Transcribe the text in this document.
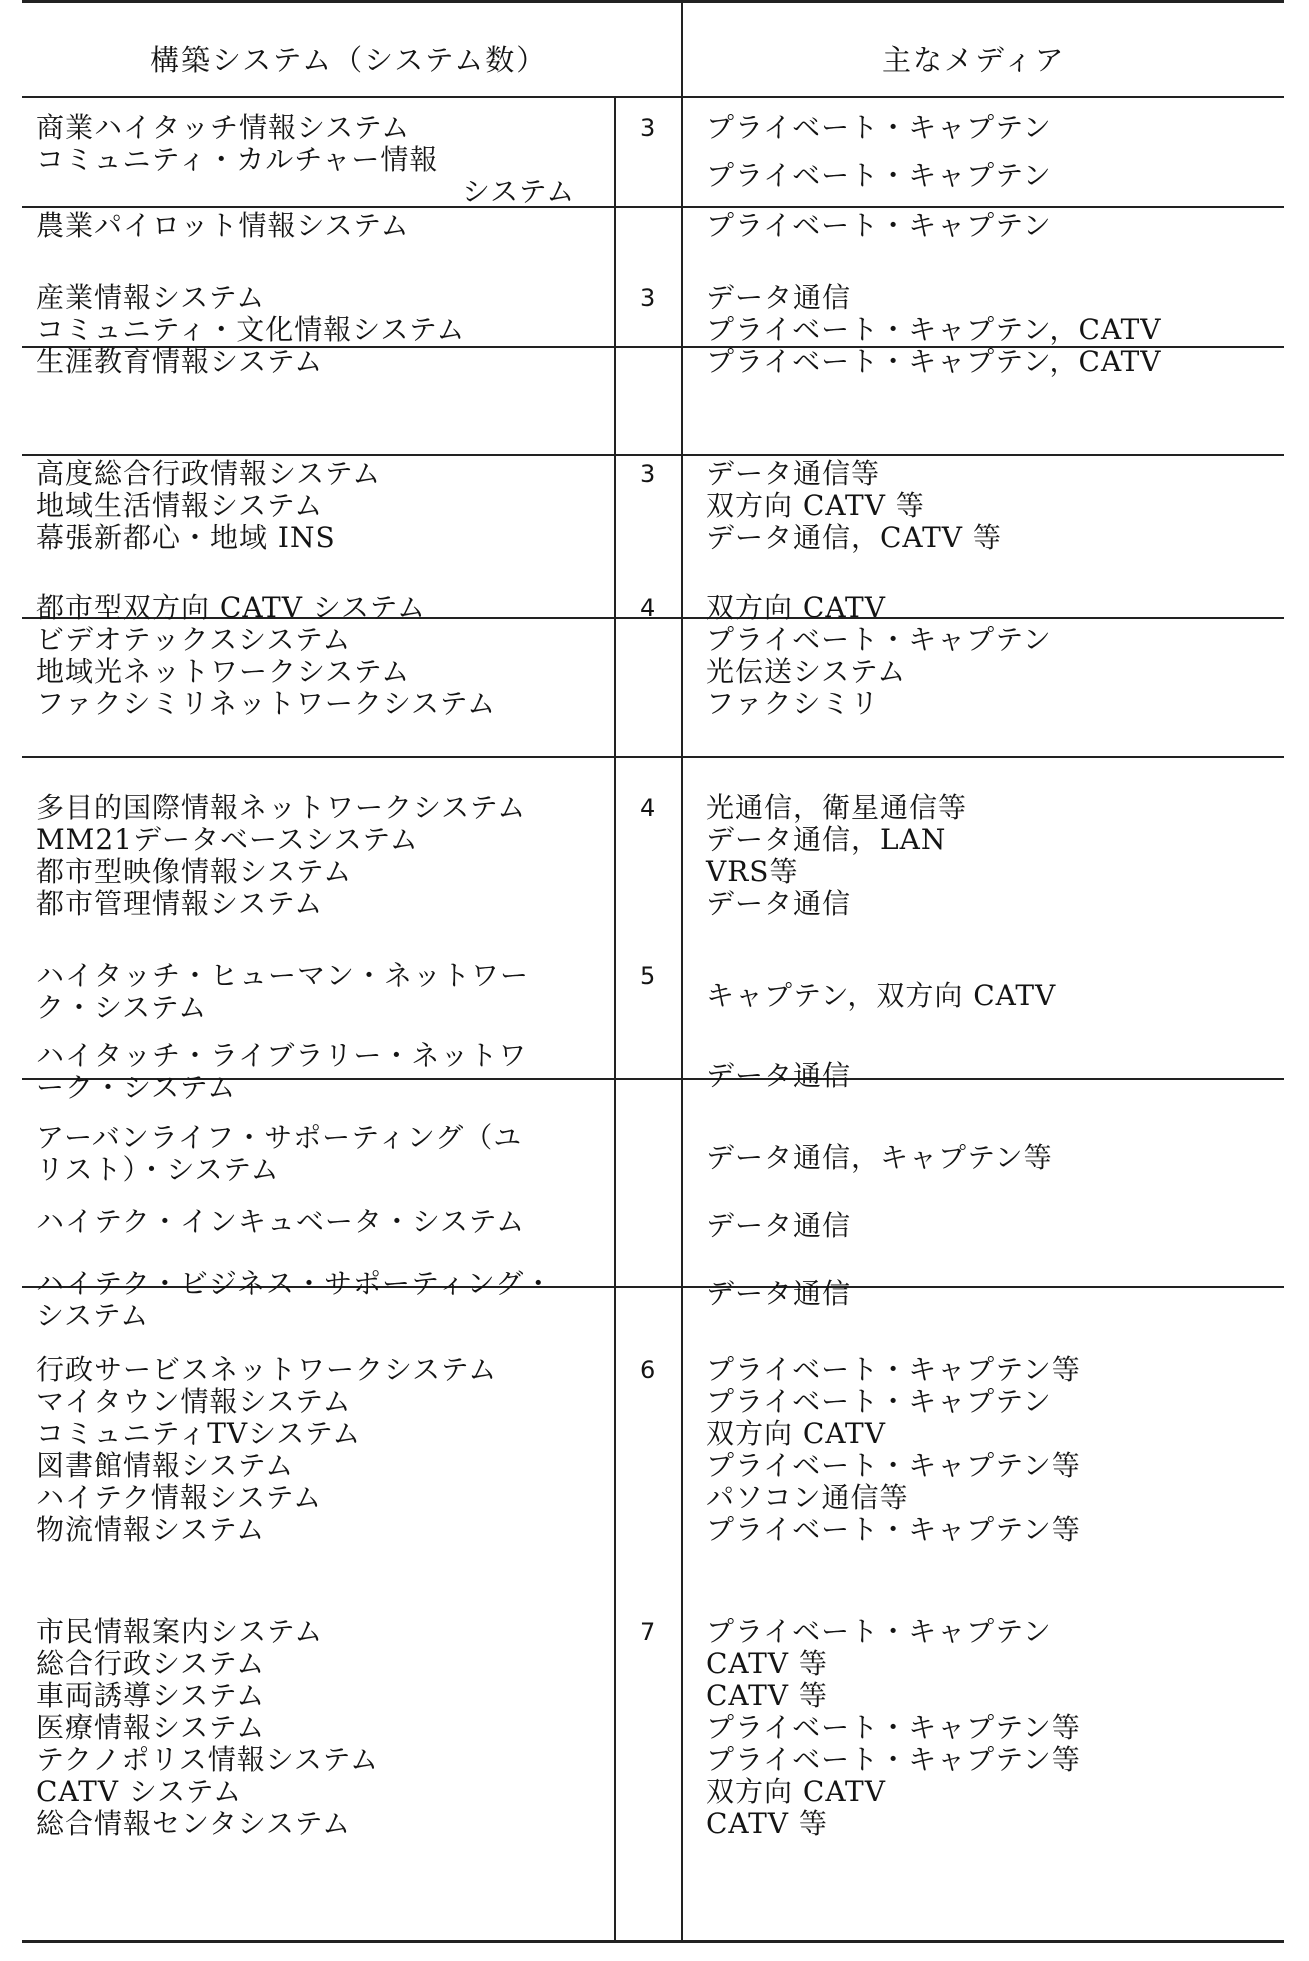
構築システム（システム数）	主なメディア
3
商業ハイタッチ情報システム
コミュニティ・カルチャー情報
システム
農業パイロット情報システム
プライベート・キャプテン
プライベート・キャプテン
プライベート・キャプテン
3
産業情報システム
コミュニティ・文化情報システム
生涯教育情報システム
データ通信
プライベート・キャプテン，CATV
プライベート・キャプテン，CATV
3
高度総合行政情報システム
地域生活情報システム
幕張新都心・地域 INS
データ通信等
双方向 CATV 等
データ通信，CATV 等
4
都市型双方向 CATV システム
ビデオテックスシステム
地域光ネットワークシステム
ファクシミリネットワークシステム
双方向 CATV
プライベート・キャプテン
光伝送システム
ファクシミリ
4
多目的国際情報ネットワークシステム
MM21データベースシステム
都市型映像情報システム
都市管理情報システム
光通信，衛星通信等
データ通信，LAN
VRS等
データ通信
5
ハイタッチ・ヒューマン・ネットワー
ク・システム
ハイタッチ・ライブラリー・ネットワ
ーク・システム
アーバンライフ・サポーティング（ユ
リスト）・システム
ハイテク・インキュベータ・システム
ハイテク・ビジネス・サポーティング・
システム
キャプテン，双方向 CATV
データ通信
データ通信，キャプテン等
データ通信
データ通信
6
行政サービスネットワークシステム
マイタウン情報システム
コミュニティTVシステム
図書館情報システム
ハイテク情報システム
物流情報システム
プライベート・キャプテン等
プライベート・キャプテン
双方向 CATV
プライベート・キャプテン等
パソコン通信等
プライベート・キャプテン等
7
市民情報案内システム
総合行政システム
車両誘導システム
医療情報システム
テクノポリス情報システム
CATV システム
総合情報センタシステム
プライベート・キャプテン
CATV 等
CATV 等
プライベート・キャプテン等
プライベート・キャプテン等
双方向 CATV
CATV 等
